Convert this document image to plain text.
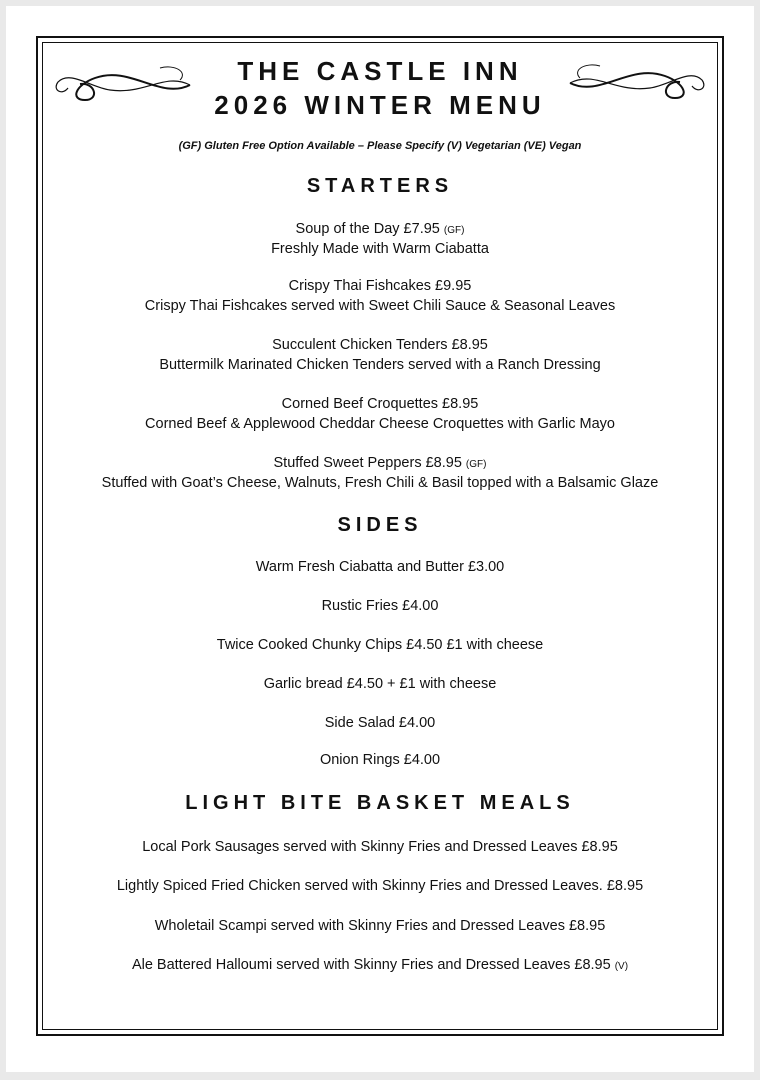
THE CASTLE INN
2026 WINTER MENU
(GF) Gluten Free Option Available – Please Specify (V) Vegetarian (VE) Vegan
STARTERS
Soup of the Day £7.95 (GF)
Freshly Made with Warm Ciabatta
Crispy Thai Fishcakes £9.95
Crispy Thai Fishcakes served with Sweet Chili Sauce & Seasonal Leaves
Succulent Chicken Tenders £8.95
Buttermilk Marinated Chicken Tenders served with a Ranch Dressing
Corned Beef Croquettes £8.95
Corned Beef & Applewood Cheddar Cheese Croquettes with Garlic Mayo
Stuffed Sweet Peppers £8.95 (GF)
Stuffed with Goat’s Cheese, Walnuts, Fresh Chili & Basil topped with a Balsamic Glaze
SIDES
Warm Fresh Ciabatta and Butter £3.00
Rustic Fries £4.00
Twice Cooked Chunky Chips £4.50 £1 with cheese
Garlic bread £4.50 + £1 with cheese
Side Salad £4.00
Onion Rings £4.00
LIGHT BITE BASKET MEALS
Local Pork Sausages served with Skinny Fries and Dressed Leaves £8.95
Lightly Spiced Fried Chicken served with Skinny Fries and Dressed Leaves. £8.95
Wholetail Scampi served with Skinny Fries and Dressed Leaves £8.95
Ale Battered Halloumi served with Skinny Fries and Dressed Leaves £8.95 (V)
